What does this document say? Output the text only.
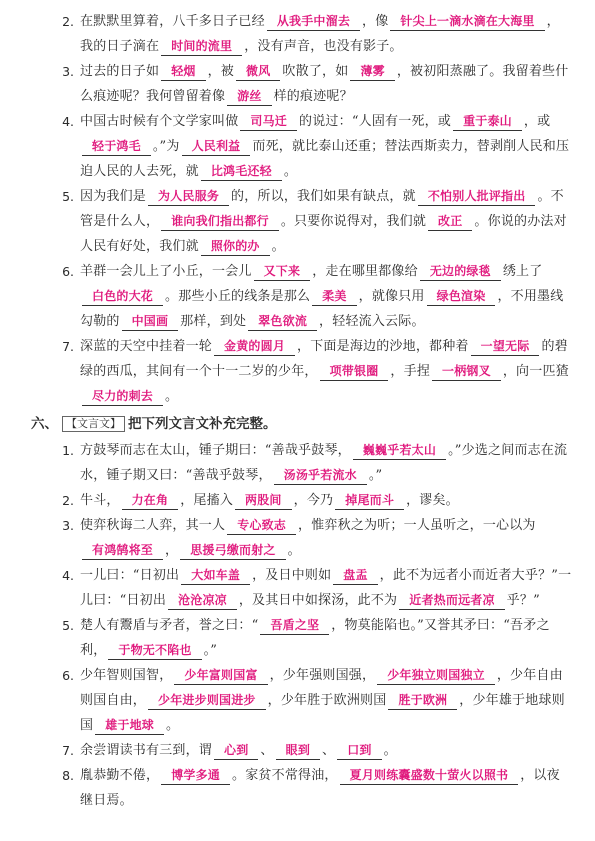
2. 在默默里算着，八千多日子已经 从我手中溜去 ，像 针尖上一滴水滴在大海里 ，我的日子滴在 时间的流里 ，没有声音，也没有影子。
3. 过去的日子如 轻烟 ，被 微风 吹散了，如 薄雾 ，被初阳蒸融了。我留着些什么痕迹呢？我何曾留着像 游丝 样的痕迹呢？
4. 中国古时候有个文学家叫做 司马迁 的说过：“人固有一死，或 重于泰山 ，或轻于鸿毛 。”为 人民利益 而死，就比泰山还重；替法西斯卖力，替剥削人民和压迫人民的人去死，就 比鸿毛还轻 。
5. 因为我们是 为人民服务 的，所以，我们如果有缺点，就 不怕别人批评指出 。不管是什么人， 谁向我们指出都行 。只要你说得对，我们就 改正 。你说的办法对人民有好处，我们就 照你的办 。
6. 羊群一会儿上了小丘，一会儿 又下来 ，走在哪里都像给 无边的绿毯 绣上了白色的大花 。那些小丘的线条是那么 柔美 ，就像只用 绿色渲染 ，不用墨线勾勒的 中国画 那样，到处 翠色欲流 ，轻轻流入云际。
7. 深蓝的天空中挂着一轮 金黄的圆月 ，下面是海边的沙地，都种着 一望无际 的碧绿的西瓜，其间有一个十一二岁的少年， 项带银圈 ，手捏 一柄钢叉 ，向一匹猹尽力的刺去 。
六、 【文言文】 把下列文言文补充完整。
1. 方鼓琴而志在太山，锺子期曰：“善哉乎鼓琴， 巍巍乎若太山 。”少选之间而志在流水，锺子期又曰：“善哉乎鼓琴， 汤汤乎若流水 。”
2. 牛斗， 力在角 ，尾搐入 两股间 ，今乃 掉尾而斗 ，谬矣。
3. 使弈秋诲二人弈，其一人 专心致志 ，惟弈秋之为听；一人虽听之，一心以为有鸿鹄将至 ， 思援弓缴而射之 。
4. 一儿曰：“日初出 大如车盖 ，及日中则如 盘盂 ，此不为远者小而近者大乎？”一儿曰：“日初出 沧沧凉凉 ，及其日中如探汤，此不为 近者热而远者凉 乎？”
5. 楚人有鬻盾与矛者，誉之曰：“ 吾盾之坚 ，物莫能陷也。”又誉其矛曰：“吾矛之利， 于物无不陷也 。”
6. 少年智则国智， 少年富则国富 ，少年强则国强， 少年独立则国独立 ，少年自由则国自由， 少年进步则国进步 ，少年胜于欧洲则国 胜于欧洲 ，少年雄于地球则国 雄于地球 。
7. 余尝谓读书有三到，谓 心到 、 眼到 、 口到 。
8. 胤恭勤不倦， 博学多通 。家贫不常得油， 夏月则练囊盛数十萤火以照书 ，以夜继日焉。
